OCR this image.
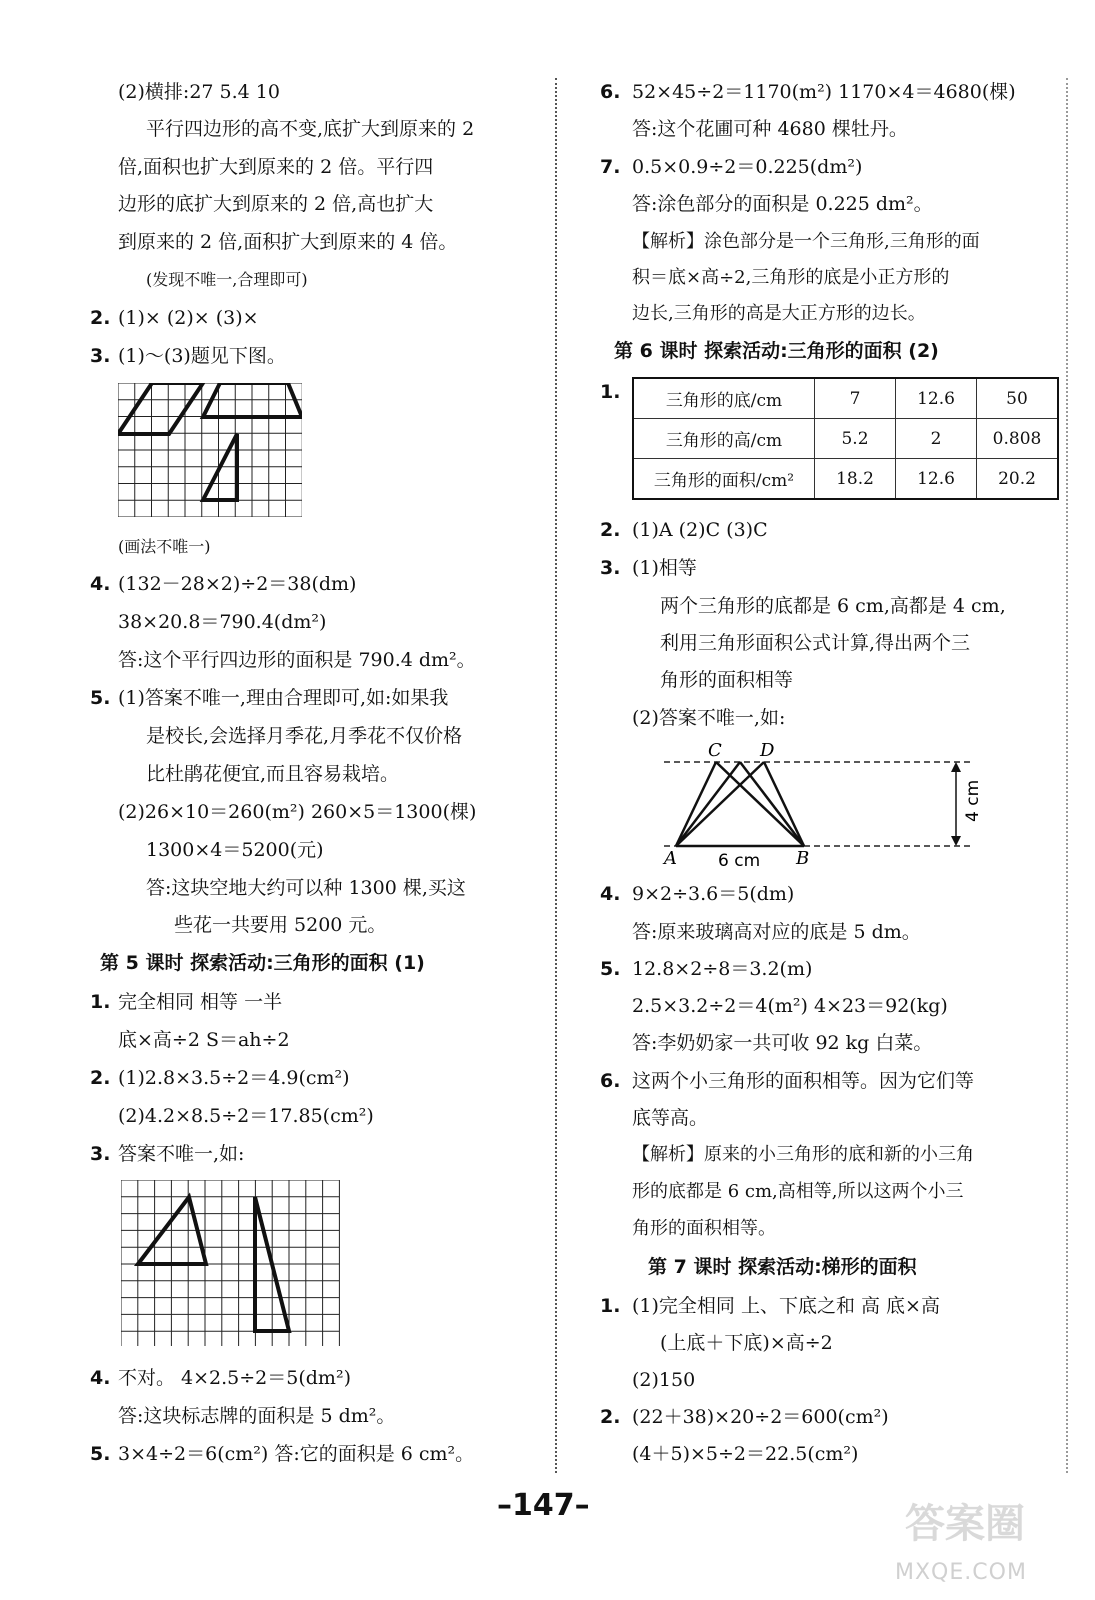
(2)横排:27 5.4 10
平行四边形的高不变,底扩大到原来的 2
倍,面积也扩大到原来的 2 倍。平行四
边形的底扩大到原来的 2 倍,高也扩大
到原来的 2 倍,面积扩大到原来的 4 倍。
(发现不唯一,合理即可)
2. (1)× (2)× (3)×
3. (1)～(3)题见下图。
(画法不唯一)
4. (132－28×2)÷2＝38(dm)
38×20.8＝790.4(dm²)
答:这个平行四边形的面积是 790.4 dm²。
5. (1)答案不唯一,理由合理即可,如:如果我
是校长,会选择月季花,月季花不仅价格
比杜鹃花便宜,而且容易栽培。
(2)26×10＝260(m²) 260×5＝1300(棵)
1300×4＝5200(元)
答:这块空地大约可以种 1300 棵,买这
些花一共要用 5200 元。
第 5 课时 探索活动:三角形的面积 (1)
1. 完全相同 相等 一半
底×高÷2 S＝ah÷2
2. (1)2.8×3.5÷2＝4.9(cm²)
(2)4.2×8.5÷2＝17.85(cm²)
3. 答案不唯一,如:
4. 不对。 4×2.5÷2＝5(dm²)
答:这块标志牌的面积是 5 dm²。
5. 3×4÷2＝6(cm²) 答:它的面积是 6 cm²。
6. 52×45÷2＝1170(m²) 1170×4＝4680(棵)
答:这个花圃可种 4680 棵牡丹。
7. 0.5×0.9÷2＝0.225(dm²)
答:涂色部分的面积是 0.225 dm²。
【解析】涂色部分是一个三角形,三角形的面
积＝底×高÷2,三角形的底是小正方形的
边长,三角形的高是大正方形的边长。
第 6 课时 探索活动:三角形的面积 (2)
1.	三角形的底/cm	7	12.6	50
三角形的高/cm	5.2	2	0.808
三角形的面积/cm²	18.2	12.6	20.2
2. (1)A (2)C (3)C
3. (1)相等
两个三角形的底都是 6 cm,高都是 4 cm,
利用三角形面积公式计算,得出两个三
角形的面积相等
(2)答案不唯一,如:
C D
A	B
6 cm
4 cm
4. 9×2÷3.6＝5(dm)
答:原来玻璃高对应的底是 5 dm。
5. 12.8×2÷8＝3.2(m)
2.5×3.2÷2＝4(m²) 4×23＝92(kg)
答:李奶奶家一共可收 92 kg 白菜。
6. 这两个小三角形的面积相等。因为它们等
底等高。
【解析】原来的小三角形的底和新的小三角
形的底都是 6 cm,高相等,所以这两个小三
角形的面积相等。
第 7 课时 探索活动:梯形的面积
1. (1)完全相同 上、下底之和 高 底×高
(上底＋下底)×高÷2
(2)150
2. (22＋38)×20÷2＝600(cm²)
(4＋5)×5÷2＝22.5(cm²)
–147–	答案圈
MXQE.COM
